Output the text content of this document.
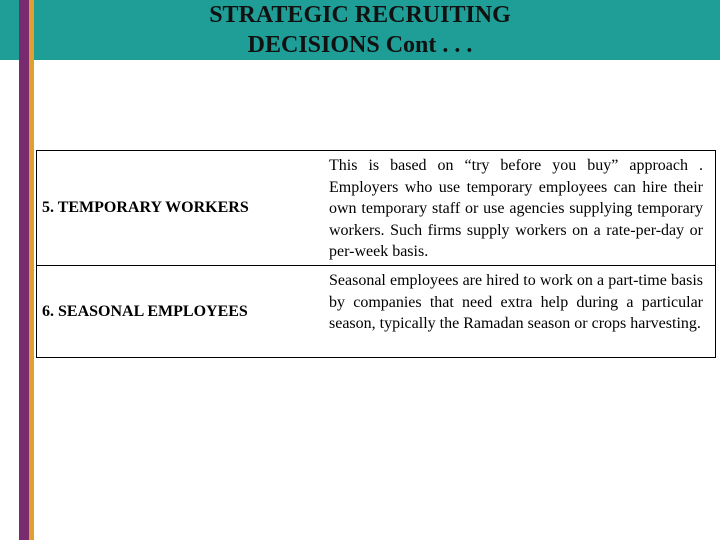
STRATEGIC RECRUITING
DECISIONS Cont . . .
5. TEMPORARY WORKERS
This is based on “try before you buy” approach . Employers who use temporary employees can hire their own temporary staff or use agencies supplying temporary workers. Such firms supply workers on a rate-per-day or per-week basis.
6. SEASONAL EMPLOYEES
Seasonal employees are hired to work on a part-time basis by companies that need extra help during a particular season, typically the Ramadan season or crops harvesting.
